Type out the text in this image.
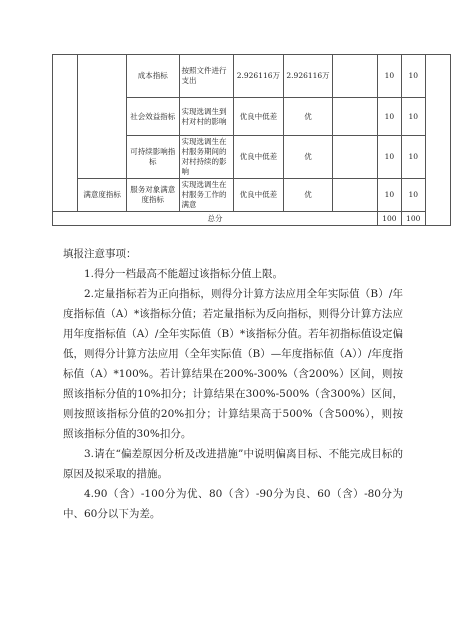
		成本指标	按照文件进行支出	2.926116万	2.926116万		10	10	
		社会效益指标	实现选调生到村对村的影响	优良中低差	优		10	10	
		可持续影响指标	实现选调生在村服务期间的对村持续的影响	优良中低差	优		10	10	
	满意度指标	服务对象满意度指标	实现选调生在村服务工作的满意	优良中低差	优		10	10	
总分							100	100	

填报注意事项：

1.得分一档最高不能超过该指标分值上限。

2.定量指标若为正向指标，则得分计算方法应用全年实际值（B）/年度指标值（A）*该指标分值；若定量指标为反向指标，则得分计算方法应用年度指标值（A）/全年实际值（B）*该指标分值。若年初指标值设定偏低，则得分计算方法应用（全年实际值（B）—年度指标值（A））/年度指标值（A）*100%。若计算结果在200%-300%（含200%）区间，则按照该指标分值的10%扣分；计算结果在300%-500%（含300%）区间，则按照该指标分值的20%扣分；计算结果高于500%（含500%），则按照该指标分值的30%扣分。

3.请在“偏差原因分析及改进措施”中说明偏离目标、不能完成目标的原因及拟采取的措施。

4.90（含）-100分为优、80（含）-90分为良、60（含）-80分为中、60分以下为差。
